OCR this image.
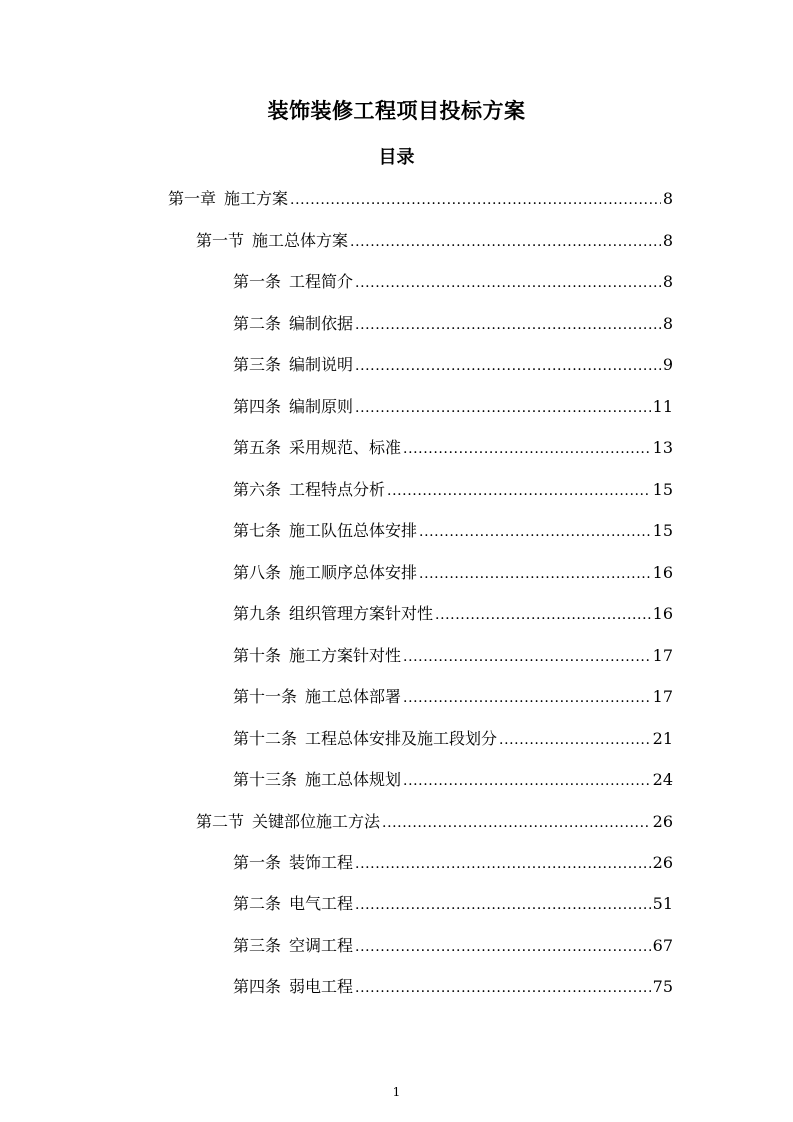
装饰装修工程项目投标方案
目录
第一章 施工方案 .....	8
第一节 施工总体方案 .....	8
第一条 工程简介 .....	8
第二条 编制依据 .....	8
第三条 编制说明 .....	9
第四条 编制原则 .....	11
第五条 采用规范、标准 .....	13
第六条 工程特点分析 .....	15
第七条 施工队伍总体安排 .....	15
第八条 施工顺序总体安排 .....	16
第九条 组织管理方案针对性 .....	16
第十条 施工方案针对性 .....	17
第十一条 施工总体部署 .....	17
第十二条 工程总体安排及施工段划分 .....	21
第十三条 施工总体规划 .....	24
第二节 关键部位施工方法 .....	26
第一条 装饰工程 .....	26
第二条 电气工程 .....	51
第三条 空调工程 .....	67
第四条 弱电工程 .....	75
1
